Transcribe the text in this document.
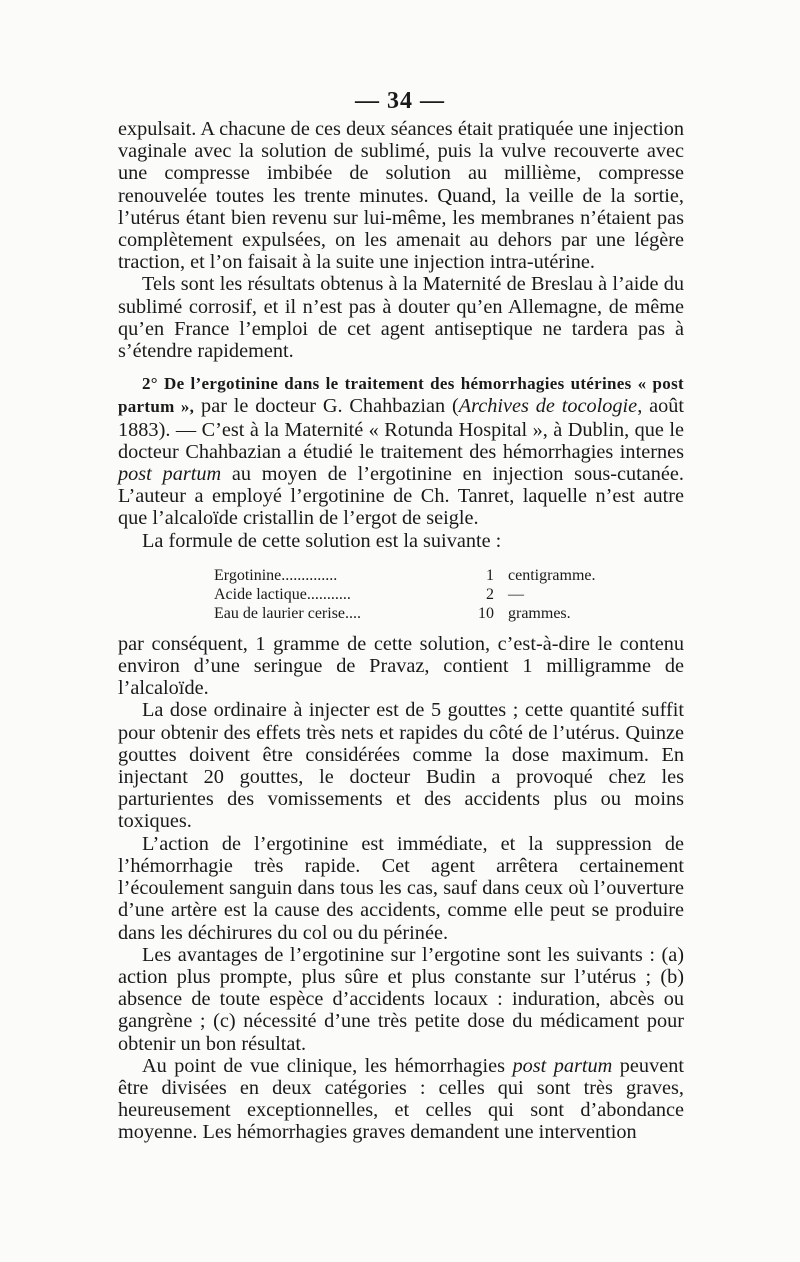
— 34 —

expulsait. A chacune de ces deux séances était pratiquée une injection vaginale avec la solution de sublimé, puis la vulve recouverte avec une compresse imbibée de solution au millième, compresse renouvelée toutes les trente minutes. Quand, la veille de la sortie, l’utérus étant bien revenu sur lui-même, les membranes n’étaient pas complètement expulsées, on les amenait au dehors par une légère traction, et l’on faisait à la suite une injection intra-utérine.

Tels sont les résultats obtenus à la Maternité de Breslau à l’aide du sublimé corrosif, et il n’est pas à douter qu’en Allemagne, de même qu’en France l’emploi de cet agent antiseptique ne tardera pas à s’étendre rapidement.

2° De l’ergotinine dans le traitement des hémorrhagies utérines « post partum », par le docteur G. Chahbazian (Archives de tocologie, août 1883). — C’est à la Maternité « Rotunda Hospital », à Dublin, que le docteur Chahbazian a étudié le traitement des hémorrhagies internes post partum au moyen de l’ergotinine en injection sous-cutanée. L’auteur a employé l’ergotinine de Ch. Tanret, laquelle n’est autre que l’alcaloïde cristallin de l’ergot de seigle.

La formule de cette solution est la suivante :

Ergotinine..............	1 centigramme.
Acide lactique...........	2 —
Eau de laurier cerise....	10 grammes.

par conséquent, 1 gramme de cette solution, c’est-à-dire le contenu environ d’une seringue de Pravaz, contient 1 milligramme de l’alcaloïde.

La dose ordinaire à injecter est de 5 gouttes ; cette quantité suffit pour obtenir des effets très nets et rapides du côté de l’utérus. Quinze gouttes doivent être considérées comme la dose maximum. En injectant 20 gouttes, le docteur Budin a provoqué chez les parturientes des vomissements et des accidents plus ou moins toxiques.

L’action de l’ergotinine est immédiate, et la suppression de l’hémorrhagie très rapide. Cet agent arrêtera certainement l’écoulement sanguin dans tous les cas, sauf dans ceux où l’ouverture d’une artère est la cause des accidents, comme elle peut se produire dans les déchirures du col ou du périnée.

Les avantages de l’ergotinine sur l’ergotine sont les suivants : (a) action plus prompte, plus sûre et plus constante sur l’utérus ; (b) absence de toute espèce d’accidents locaux : induration, abcès ou gangrène ; (c) nécessité d’une très petite dose du médicament pour obtenir un bon résultat.

Au point de vue clinique, les hémorrhagies post partum peuvent être divisées en deux catégories : celles qui sont très graves, heureusement exceptionnelles, et celles qui sont d’abondance moyenne. Les hémorrhagies graves demandent une intervention
